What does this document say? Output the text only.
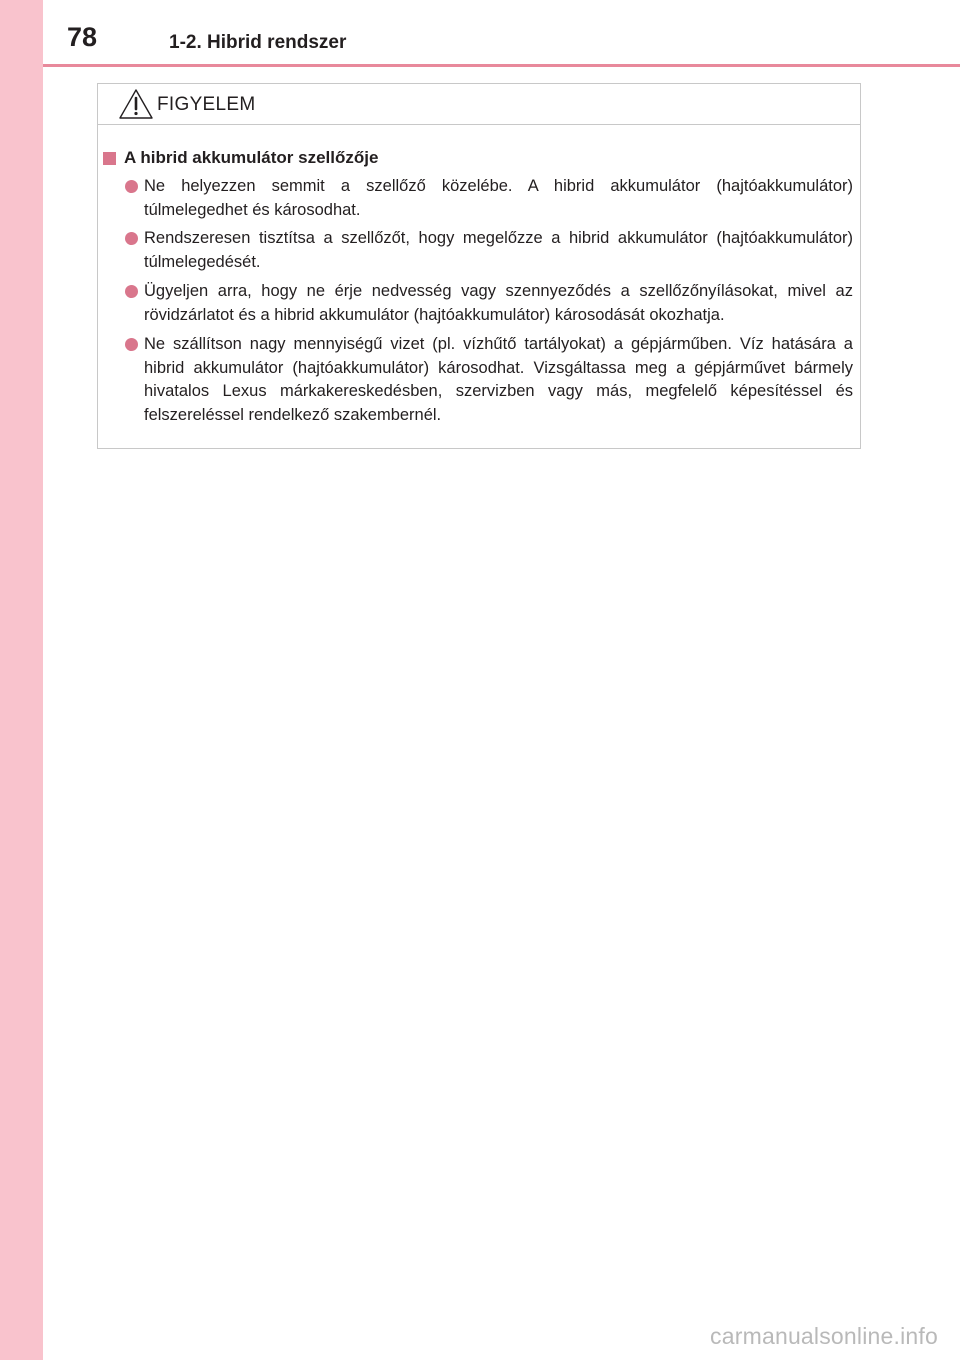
78	1-2. Hibrid rendszer
FIGYELEM
A hibrid akkumulátor szellőzője
Ne helyezzen semmit a szellőző közelébe. A hibrid akkumulátor (hajtóakkumulátor) túlmelegedhet és károsodhat.
Rendszeresen tisztítsa a szellőzőt, hogy megelőzze a hibrid akkumulátor (hajtóakkumulátor) túlmelegedését.
Ügyeljen arra, hogy ne érje nedvesség vagy szennyeződés a szellőzőnyílásokat, mivel az rövidzárlatot és a hibrid akkumulátor (hajtóakkumulátor) károsodását okozhatja.
Ne szállítson nagy mennyiségű vizet (pl. vízhűtő tartályokat) a gépjárműben. Víz hatására a hibrid akkumulátor (hajtóakkumulátor) károsodhat. Vizsgáltassa meg a gépjárművet bármely hivatalos Lexus márkakereskedésben, szervizben vagy más, megfelelő képesítéssel és felszereléssel rendelkező szakembernél.
carmanualsonline.info
